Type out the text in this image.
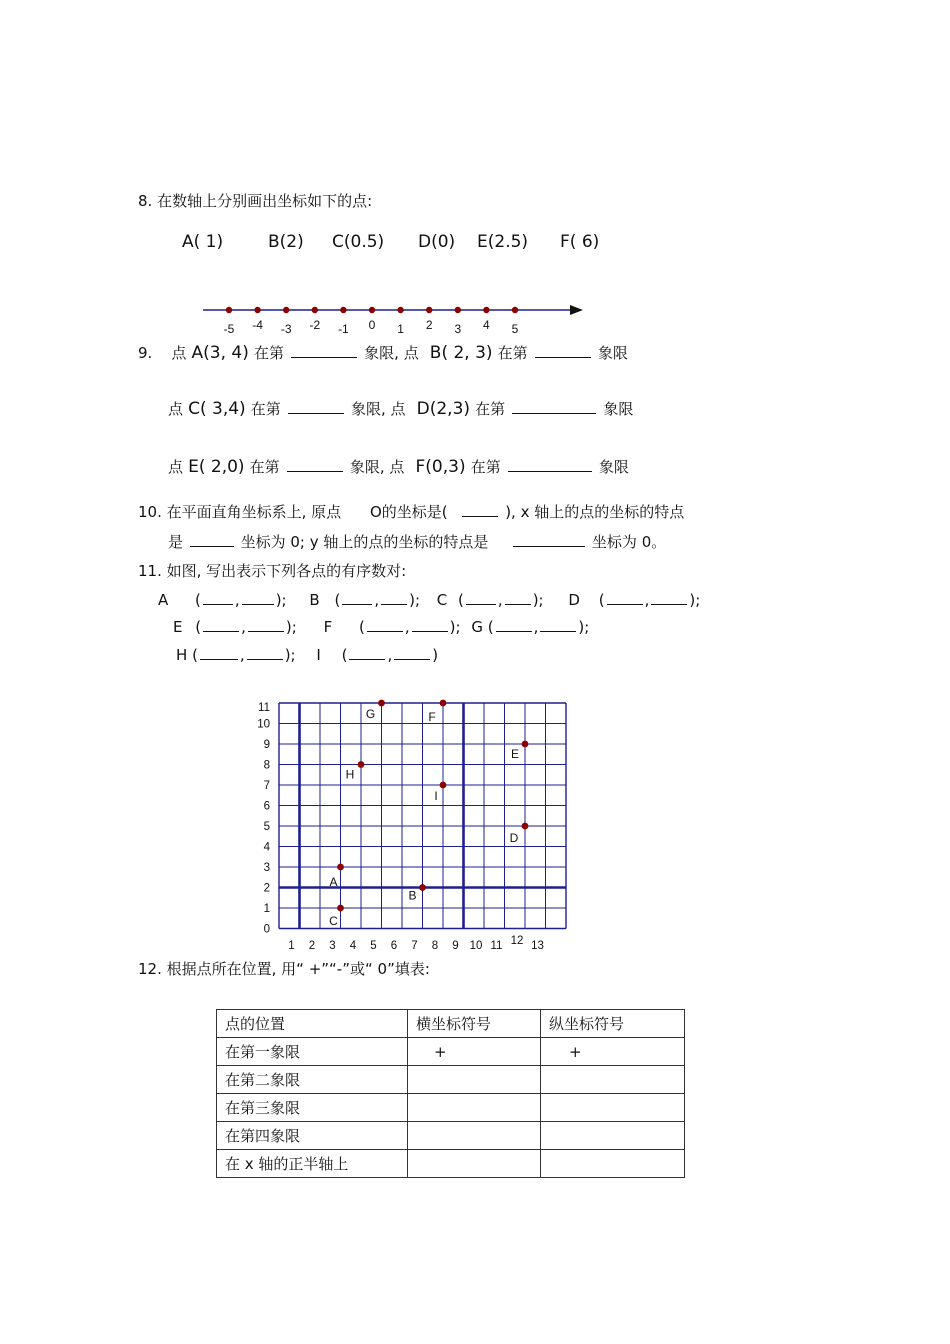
8. 在数轴上分别画出坐标如下的点:
A( 1)	B(2) C(0.5) D(0) E(2.5) F( 6)
-5 -4 -3 -2 -1 0 1 2 3 4 5
9. 点 A(3, 4) 在第	象限, 点 B( 2, 3) 在第	象限
点 C( 3,4) 在第	象限, 点 D(2,3) 在第	象限
点 E( 2,0) 在第	象限, 点 F(0,3) 在第	象限
10. 在平面直角坐标系上, 原点 O的坐标是(	), x 轴上的点的坐标的特点
是	坐标为 0; y 轴上的点的坐标的特点是	坐标为 0。
11. 如图, 写出表示下列各点的有序数对:
A ( , ); B ( , ); C ( , ); D (	,	);
E (	,	); F (	,	); G (	,	);
H (	,	); I (	,	)
1 2 3 4 5 6 7 8 9 10 11 12 13
0
1
2
3
4
5
6
7
8
9
10
11
A
B
C
D
E
F
G
H
I
12. 根据点所在位置, 用“ +”“-”或“ 0”填表:
点的位置	横坐标符号	纵坐标符号
在第一象限	+	+
在第二象限		
在第三象限		
在第四象限		
在 x 轴的正半轴上		
